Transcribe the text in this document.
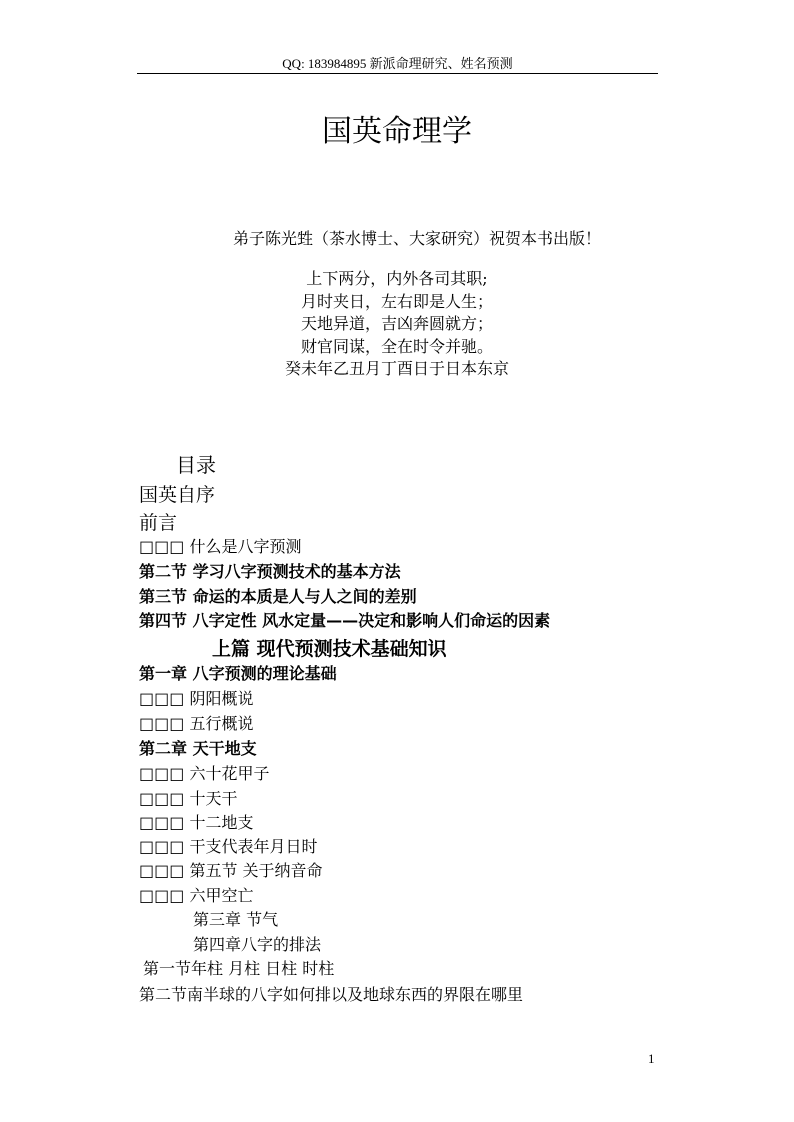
QQ: 183984895 新派命理研究、姓名预测
国英命理学
弟子陈光甡（茶水博士、大家研究）祝贺本书出版！
上下两分，内外各司其职;
月时夹日，左右即是人生；
天地异道，吉凶奔圆就方；
财官同谋，全在时令并驰。
癸未年乙丑月丁酉日于日本东京
目录
国英自序
前言
□□□ 什么是八字预测
第二节 学习八字预测技术的基本方法
第三节 命运的本质是人与人之间的差别
第四节 八字定性 风水定量——决定和影响人们命运的因素
上篇 现代预测技术基础知识
第一章 八字预测的理论基础
□□□ 阴阳概说
□□□ 五行概说
第二章 天干地支
□□□ 六十花甲子
□□□ 十天干
□□□ 十二地支
□□□ 干支代表年月日时
□□□ 第五节 关于纳音命
□□□ 六甲空亡
第三章 节气
第四章八字的排法
第一节年柱 月柱 日柱 时柱
第二节南半球的八字如何排以及地球东西的界限在哪里
1
